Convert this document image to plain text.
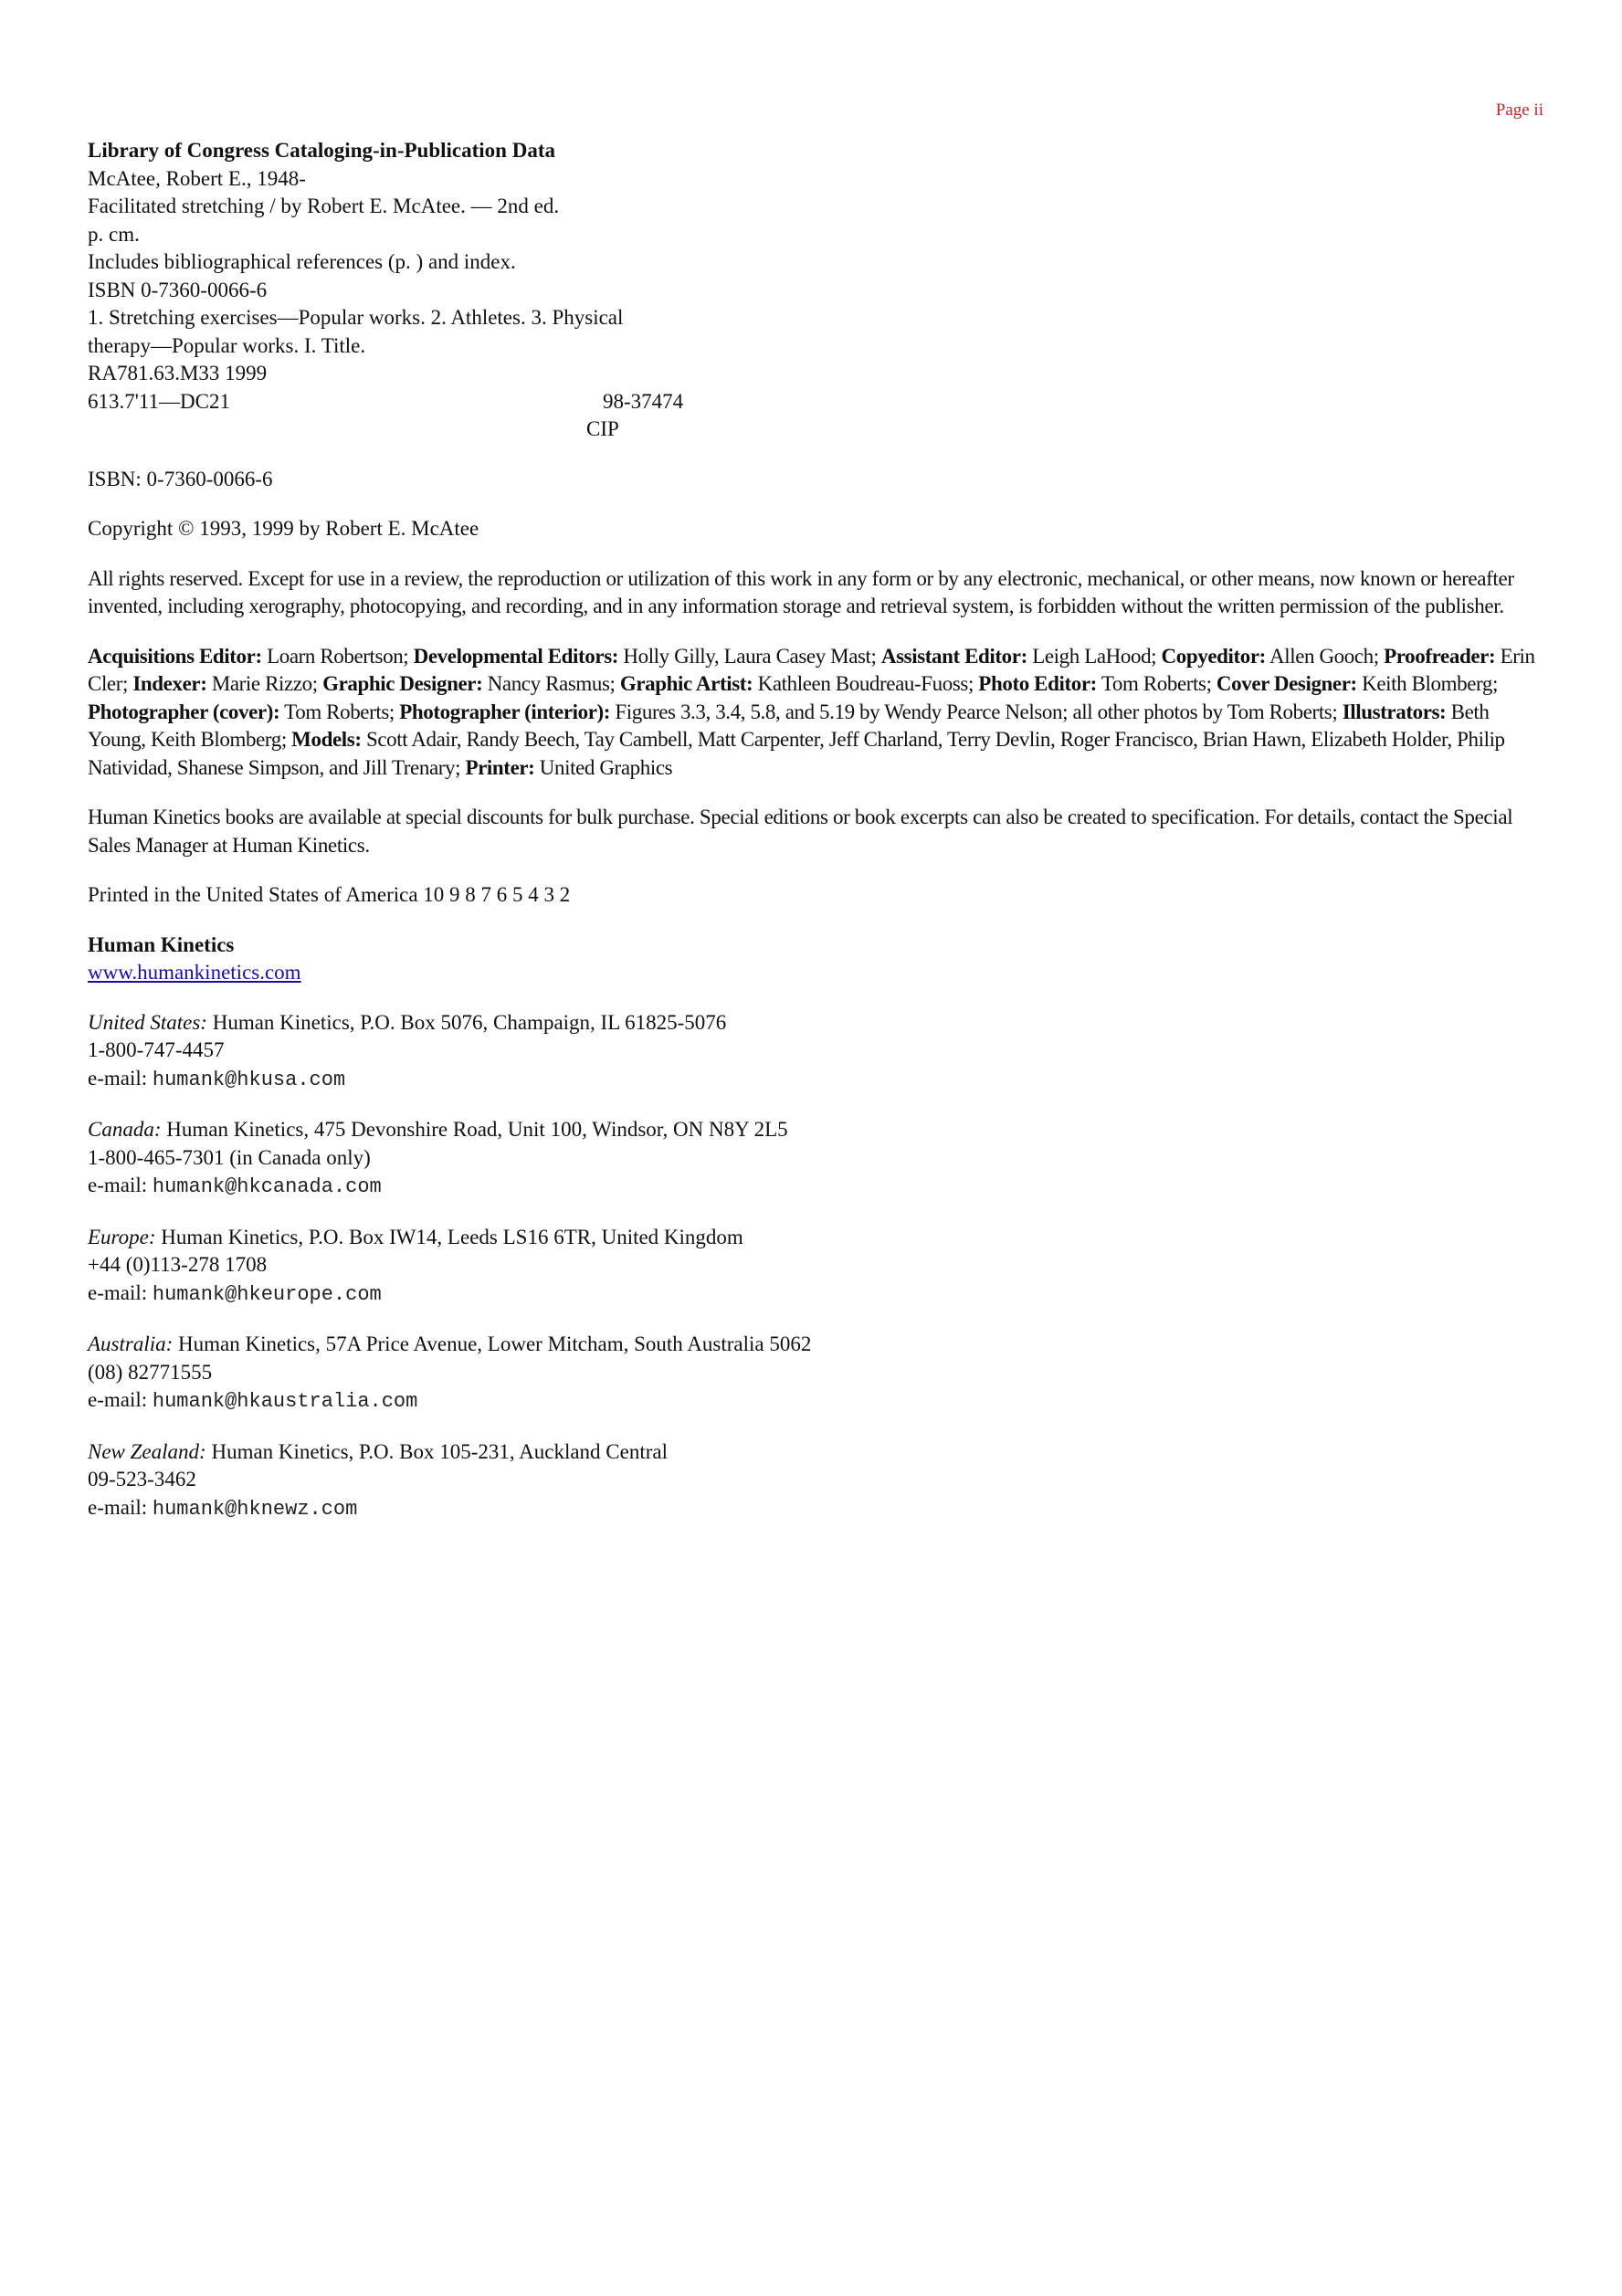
Page ii
Library of Congress Cataloging-in-Publication Data
McAtee, Robert E., 1948-
Facilitated stretching / by Robert E. McAtee. — 2nd ed.
p. cm.
Includes bibliographical references (p. ) and index.
ISBN 0-7360-0066-6
1. Stretching exercises—Popular works. 2. Athletes. 3. Physical
therapy—Popular works. I. Title.
RA781.63.M33 1999
613.7'11—DC21	98-37474
CIP
ISBN: 0-7360-0066-6
Copyright © 1993, 1999 by Robert E. McAtee
All rights reserved. Except for use in a review, the reproduction or utilization of this work in any form or by any electronic, mechanical, or other means, now known or hereafter invented, including xerography, photocopying, and recording, and in any information storage and retrieval system, is forbidden without the written permission of the publisher.
Acquisitions Editor: Loarn Robertson; Developmental Editors: Holly Gilly, Laura Casey Mast; Assistant Editor: Leigh LaHood; Copyeditor: Allen Gooch; Proofreader: Erin Cler; Indexer: Marie Rizzo; Graphic Designer: Nancy Rasmus; Graphic Artist: Kathleen Boudreau-Fuoss; Photo Editor: Tom Roberts; Cover Designer: Keith Blomberg; Photographer (cover): Tom Roberts; Photographer (interior): Figures 3.3, 3.4, 5.8, and 5.19 by Wendy Pearce Nelson; all other photos by Tom Roberts; Illustrators: Beth Young, Keith Blomberg; Models: Scott Adair, Randy Beech, Tay Cambell, Matt Carpenter, Jeff Charland, Terry Devlin, Roger Francisco, Brian Hawn, Elizabeth Holder, Philip Natividad, Shanese Simpson, and Jill Trenary; Printer: United Graphics
Human Kinetics books are available at special discounts for bulk purchase. Special editions or book excerpts can also be created to specification. For details, contact the Special Sales Manager at Human Kinetics.
Printed in the United States of America 10 9 8 7 6 5 4 3 2
Human Kinetics
www.humankinetics.com
United States: Human Kinetics, P.O. Box 5076, Champaign, IL 61825-5076
1-800-747-4457
e-mail: humank@hkusa.com
Canada: Human Kinetics, 475 Devonshire Road, Unit 100, Windsor, ON N8Y 2L5
1-800-465-7301 (in Canada only)
e-mail: humank@hkcanada.com
Europe: Human Kinetics, P.O. Box IW14, Leeds LS16 6TR, United Kingdom
+44 (0)113-278 1708
e-mail: humank@hkeurope.com
Australia: Human Kinetics, 57A Price Avenue, Lower Mitcham, South Australia 5062
(08) 82771555
e-mail: humank@hkaustralia.com
New Zealand: Human Kinetics, P.O. Box 105-231, Auckland Central
09-523-3462
e-mail: humank@hknewz.com
